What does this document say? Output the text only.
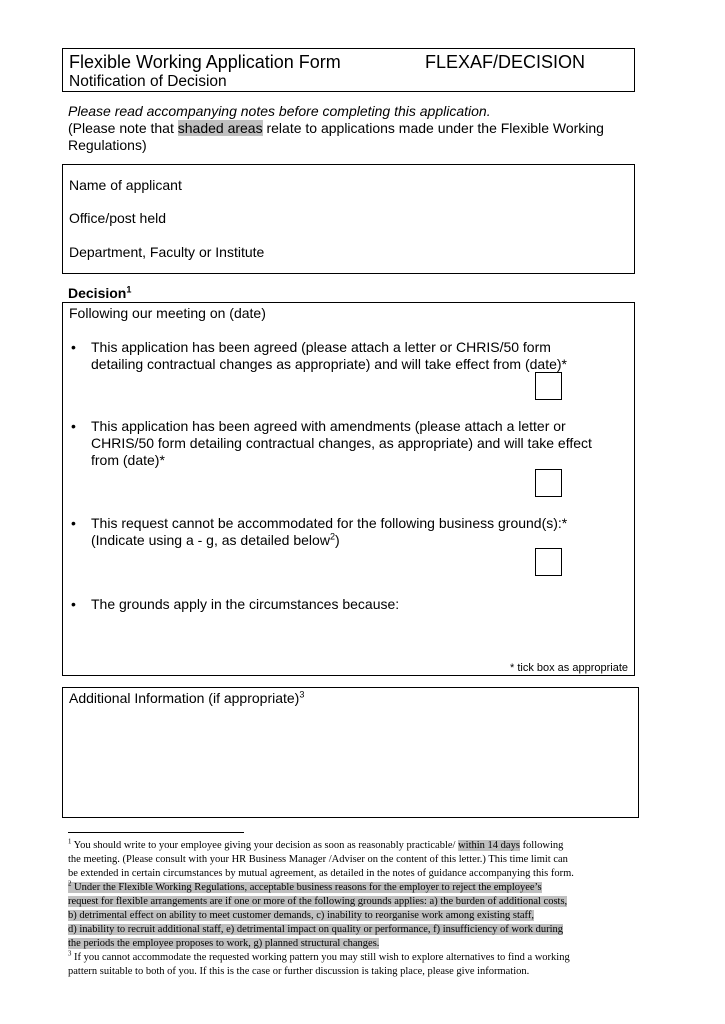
Flexible Working Application Form	FLEXAF/DECISION
Notification of Decision
Please read accompanying notes before completing this application.
(Please note that shaded areas relate to applications made under the Flexible Working
Regulations)
Name of applicant
Office/post held
Department, Faculty or Institute
Decision$^1$
Following our meeting on (date)
• This application has been agreed (please attach a letter or CHRIS/50 form
detailing contractual changes as appropriate) and will take effect from (date)*
• This application has been agreed with amendments (please attach a letter or
CHRIS/50 form detailing contractual changes, as appropriate) and will take effect
from (date)*
• This request cannot be accommodated for the following business ground(s):*
(Indicate using a - g, as detailed below$^2$)
• The grounds apply in the circumstances because:
* tick box as appropriate
Additional Information (if appropriate)$^3$
$^1$ You should write to your employee giving your decision as soon as reasonably practicable/ within 14 days following
the meeting. (Please consult with your HR Business Manager /Adviser on the content of this letter.) This time limit can
be extended in certain circumstances by mutual agreement, as detailed in the notes of guidance accompanying this form.
$^2$ Under the Flexible Working Regulations, acceptable business reasons for the employer to reject the employee’s
request for flexible arrangements are if one or more of the following grounds applies: a) the burden of additional costs,
b) detrimental effect on ability to meet customer demands, c) inability to reorganise work among existing staff,
d) inability to recruit additional staff, e) detrimental impact on quality or performance, f) insufficiency of work during
the periods the employee proposes to work, g) planned structural changes.
$^3$ If you cannot accommodate the requested working pattern you may still wish to explore alternatives to find a working
pattern suitable to both of you. If this is the case or further discussion is taking place, please give information.
